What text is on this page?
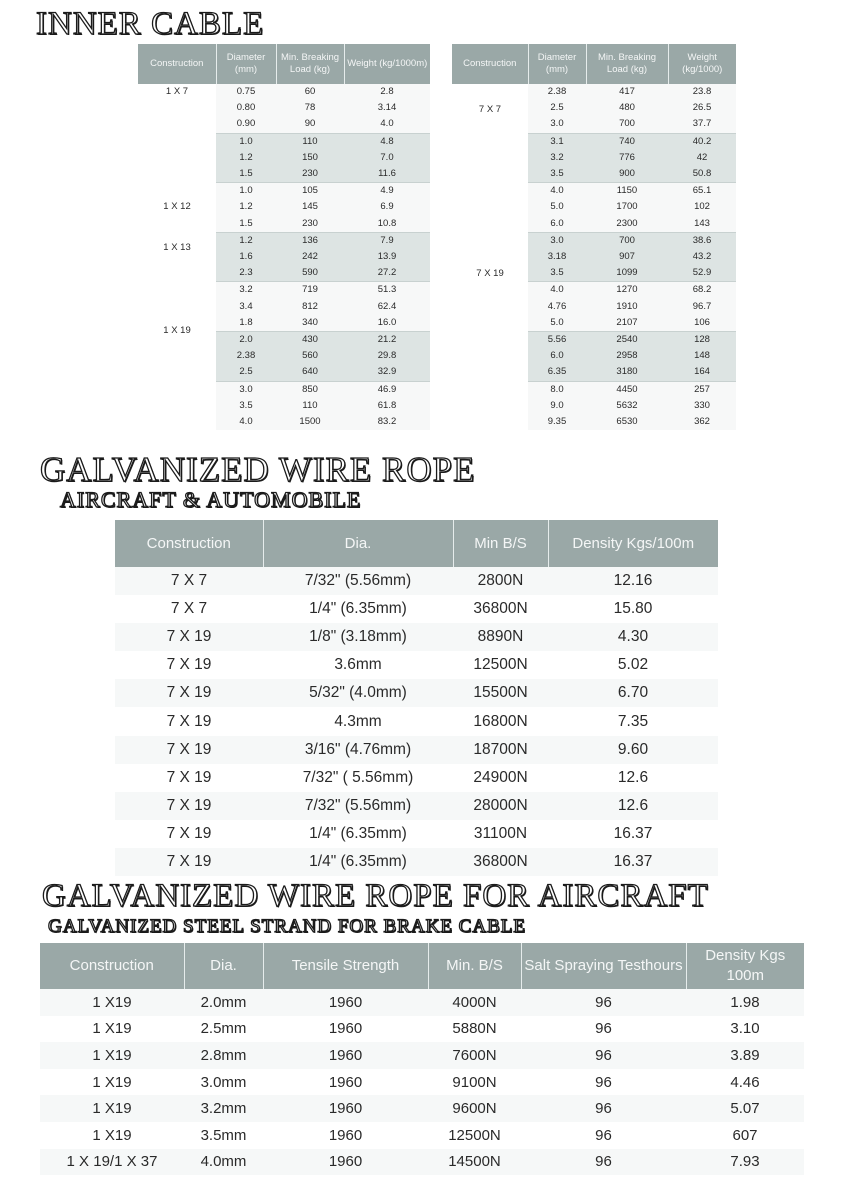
INNER CABLE
Construction	Diameter (mm)	Min. Breaking Load (kg)	Weight (kg/1000m)
1 X 7	0.75	60	2.8
	0.80	78	3.14
	0.90	90	4.0
	1.0	110	4.8
	1.2	150	7.0
	1.5	230	11.6
1 X 12	1.0	105	4.9
	1.2	145	6.9
	1.5	230	10.8
1 X 13	1.2	136	7.9
	1.6	242	13.9
	2.3	590	27.2
	3.2	719	51.3
	3.4	812	62.4
1 X 19	1.8	340	16.0
	2.0	430	21.2
	2.38	560	29.8
	2.5	640	32.9
	3.0	850	46.9
	3.5	110	61.8
	4.0	1500	83.2
Construction	Diameter (mm)	Min. Breaking Load (kg)	Weight (kg/1000)
7 X 7	2.38	417	23.8
	2.5	480	26.5
	3.0	700	37.7
	3.1	740	40.2
	3.2	776	42
	3.5	900	50.8
	4.0	1150	65.1
	5.0	1700	102
	6.0	2300	143
7 X 19	3.0	700	38.6
	3.18	907	43.2
	3.5	1099	52.9
	4.0	1270	68.2
	4.76	1910	96.7
	5.0	2107	106
	5.56	2540	128
	6.0	2958	148
	6.35	3180	164
	8.0	4450	257
	9.0	5632	330
	9.35	6530	362
GALVANIZED WIRE ROPE
AIRCRAFT & AUTOMOBILE
Construction	Dia.	Min B/S	Density Kgs/100m
7 X 7	7/32" (5.56mm)	2800N	12.16
7 X 7	1/4" (6.35mm)	36800N	15.80
7 X 19	1/8" (3.18mm)	8890N	4.30
7 X 19	3.6mm	12500N	5.02
7 X 19	5/32" (4.0mm)	15500N	6.70
7 X 19	4.3mm	16800N	7.35
7 X 19	3/16" (4.76mm)	18700N	9.60
7 X 19	7/32" ( 5.56mm)	24900N	12.6
7 X 19	7/32" (5.56mm)	28000N	12.6
7 X 19	1/4" (6.35mm)	31100N	16.37
7 X 19	1/4" (6.35mm)	36800N	16.37
GALVANIZED WIRE ROPE FOR AIRCRAFT
GALVANIZED STEEL STRAND FOR BRAKE CABLE
Construction	Dia.	Tensile Strength	Min. B/S	Salt Spraying Testhours	Density Kgs 100m
1 X19	2.0mm	1960	4000N	96	1.98
1 X19	2.5mm	1960	5880N	96	3.10
1 X19	2.8mm	1960	7600N	96	3.89
1 X19	3.0mm	1960	9100N	96	4.46
1 X19	3.2mm	1960	9600N	96	5.07
1 X19	3.5mm	1960	12500N	96	607
1 X 19/1 X 37	4.0mm	1960	14500N	96	7.93
